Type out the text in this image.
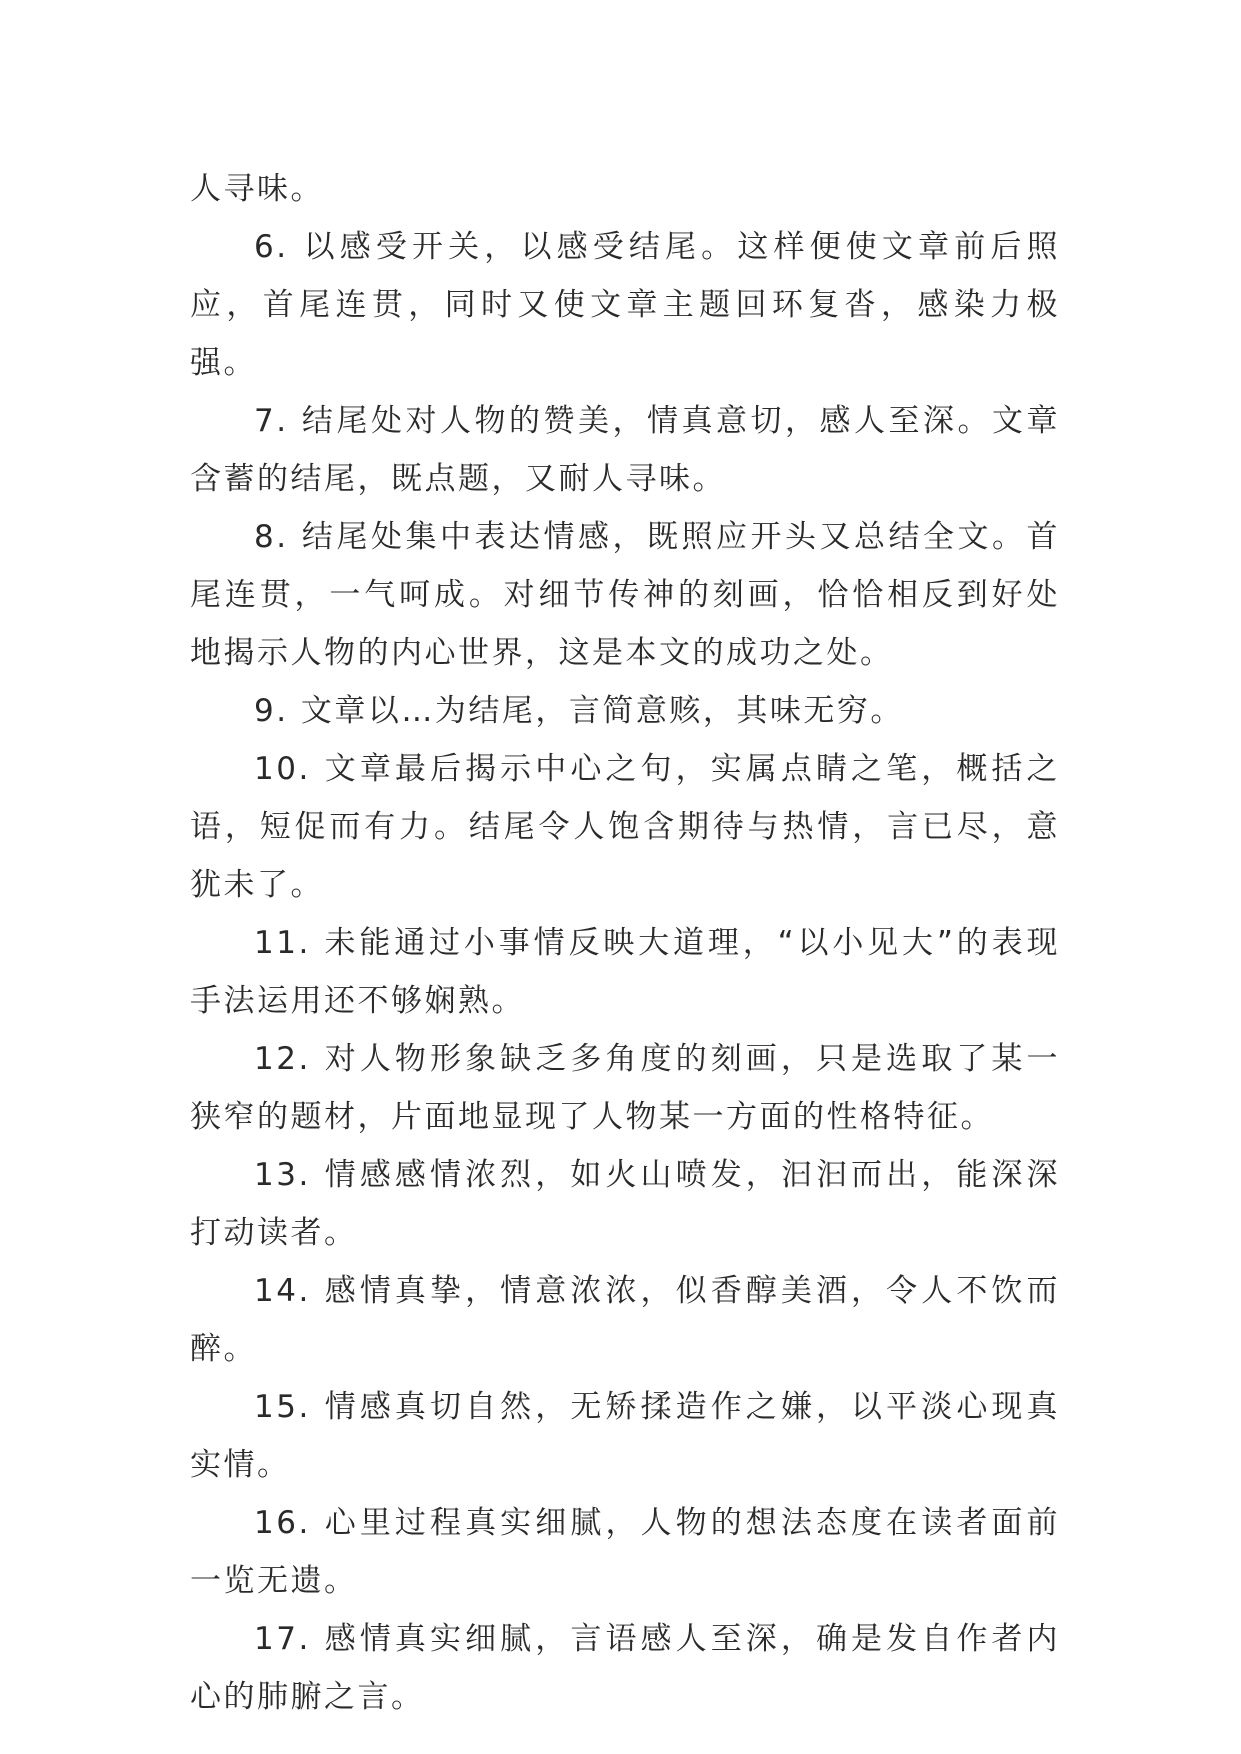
人寻味。

6. 以感受开关，以感受结尾。这样便使文章前后照应，首尾连贯，同时又使文章主题回环复沓，感染力极强。

7. 结尾处对人物的赞美，情真意切，感人至深。文章含蓄的结尾，既点题，又耐人寻味。

8. 结尾处集中表达情感，既照应开头又总结全文。首尾连贯，一气呵成。对细节传神的刻画，恰恰相反到好处地揭示人物的内心世界，这是本文的成功之处。

9. 文章以…为结尾，言简意赅，其味无穷。

10. 文章最后揭示中心之句，实属点睛之笔，概括之语，短促而有力。结尾令人饱含期待与热情，言已尽，意犹未了。

11. 未能通过小事情反映大道理，“以小见大”的表现手法运用还不够娴熟。

12. 对人物形象缺乏多角度的刻画，只是选取了某一狭窄的题材，片面地显现了人物某一方面的性格特征。

13. 情感感情浓烈，如火山喷发，汩汩而出，能深深打动读者。

14. 感情真挚，情意浓浓，似香醇美酒，令人不饮而醉。

15. 情感真切自然，无矫揉造作之嫌，以平淡心现真实情。

16. 心里过程真实细腻，人物的想法态度在读者面前一览无遗。

17. 感情真实细腻，言语感人至深，确是发自作者内心的肺腑之言。
